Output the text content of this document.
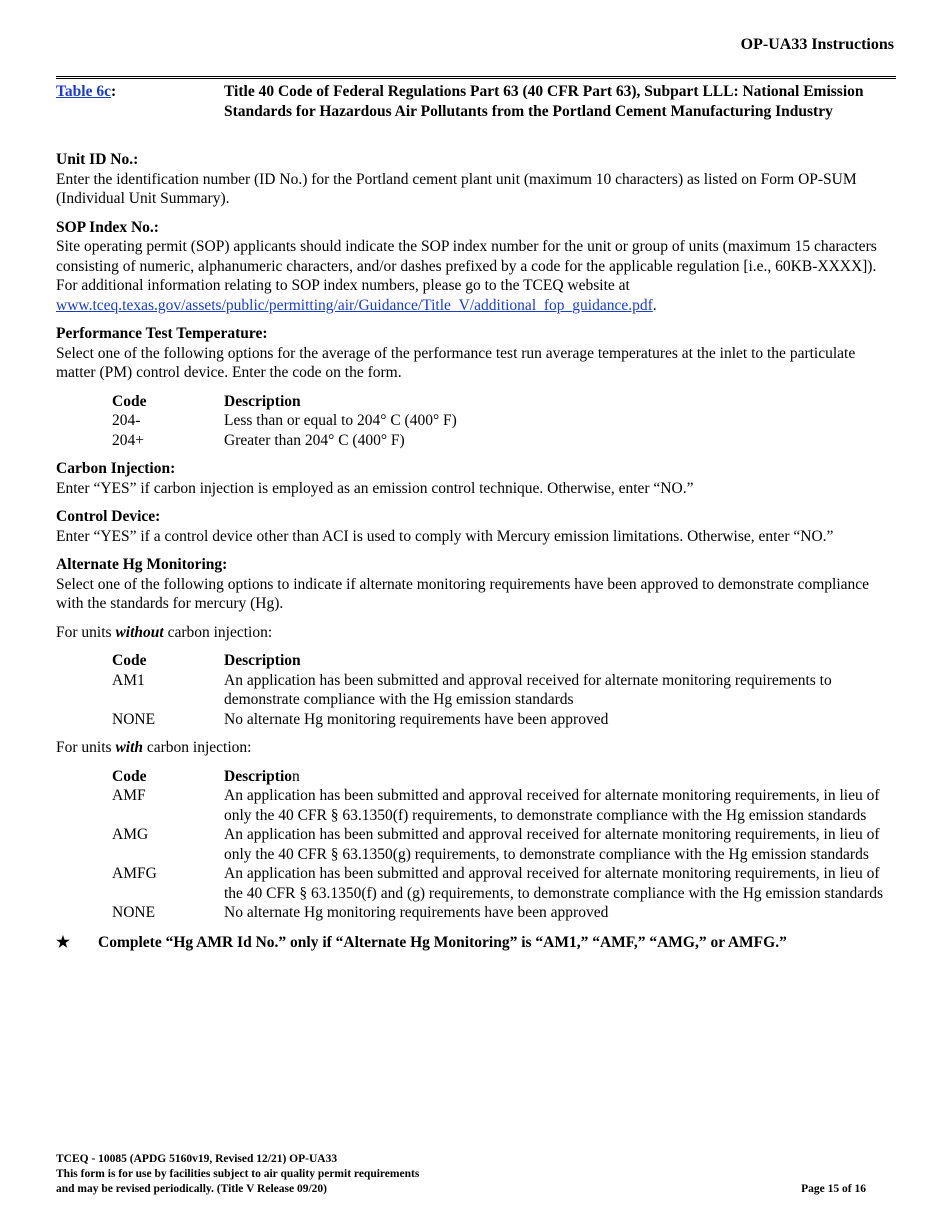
OP-UA33 Instructions
Table 6c:	Title 40 Code of Federal Regulations Part 63 (40 CFR Part 63), Subpart LLL: National Emission Standards for Hazardous Air Pollutants from the Portland Cement Manufacturing Industry
Unit ID No.:

Enter the identification number (ID No.) for the Portland cement plant unit (maximum 10 characters) as listed on Form OP-SUM (Individual Unit Summary).

SOP Index No.:

Site operating permit (SOP) applicants should indicate the SOP index number for the unit or group of units (maximum 15 characters consisting of numeric, alphanumeric characters, and/or dashes prefixed by a code for the applicable regulation [i.e., 60KB-XXXX]). For additional information relating to SOP index numbers, please go to the TCEQ website at www.tceq.texas.gov/assets/public/permitting/air/Guidance/Title_V/additional_fop_guidance.pdf.

Performance Test Temperature:

Select one of the following options for the average of the performance test run average temperatures at the inlet to the particulate matter (PM) control device. Enter the code on the form.

Code	Description
204-	Less than or equal to 204° C (400° F)
204+	Greater than 204° C (400° F)
Carbon Injection:

Enter “YES” if carbon injection is employed as an emission control technique. Otherwise, enter “NO.”

Control Device:

Enter “YES” if a control device other than ACI is used to comply with Mercury emission limitations. Otherwise, enter “NO.”

Alternate Hg Monitoring:

Select one of the following options to indicate if alternate monitoring requirements have been approved to demonstrate compliance with the standards for mercury (Hg).

For units without carbon injection:

Code	Description
AM1	An application has been submitted and approval received for alternate monitoring requirements to demonstrate compliance with the Hg emission standards
NONE	No alternate Hg monitoring requirements have been approved

For units with carbon injection:

Code	Description
AMF	An application has been submitted and approval received for alternate monitoring requirements, in lieu of only the 40 CFR § 63.1350(f) requirements, to demonstrate compliance with the Hg emission standards
AMG	An application has been submitted and approval received for alternate monitoring requirements, in lieu of only the 40 CFR § 63.1350(g) requirements, to demonstrate compliance with the Hg emission standards
AMFG	An application has been submitted and approval received for alternate monitoring requirements, in lieu of the 40 CFR § 63.1350(f) and (g) requirements, to demonstrate compliance with the Hg emission standards
NONE	No alternate Hg monitoring requirements have been approved
★	Complete “Hg AMR Id No.” only if “Alternate Hg Monitoring” is “AM1,” “AMF,” “AMG,” or AMFG.”
TCEQ - 10085 (APDG 5160v19, Revised 12/21) OP-UA33
This form is for use by facilities subject to air quality permit requirements
and may be revised periodically. (Title V Release 09/20)	Page 15 of 16
